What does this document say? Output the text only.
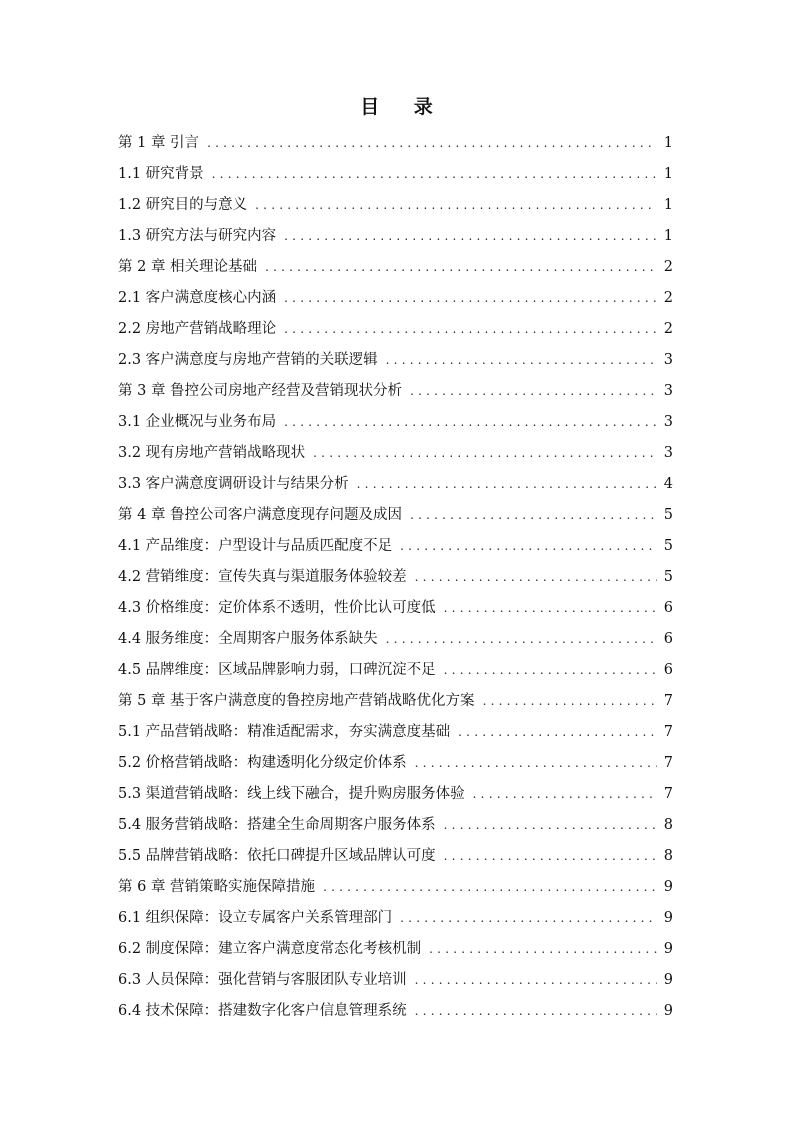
目 录
第 1 章 引言 .....	1
1.1 研究背景 .....	1
1.2 研究目的与意义 .....	1
1.3 研究方法与研究内容 .....	1
第 2 章 相关理论基础 .....	2
2.1 客户满意度核心内涵 .....	2
2.2 房地产营销战略理论 .....	2
2.3 客户满意度与房地产营销的关联逻辑 .....	3
第 3 章 鲁控公司房地产经营及营销现状分析 .....	3
3.1 企业概况与业务布局 .....	3
3.2 现有房地产营销战略现状 .....	3
3.3 客户满意度调研设计与结果分析 .....	4
第 4 章 鲁控公司客户满意度现存问题及成因 .....	5
4.1 产品维度：户型设计与品质匹配度不足 .....	5
4.2 营销维度：宣传失真与渠道服务体验较差 .....	5
4.3 价格维度：定价体系不透明，性价比认可度低 .....	6
4.4 服务维度：全周期客户服务体系缺失 .....	6
4.5 品牌维度：区域品牌影响力弱，口碑沉淀不足 .....	6
第 5 章 基于客户满意度的鲁控房地产营销战略优化方案 .....	7
5.1 产品营销战略：精准适配需求，夯实满意度基础 .....	7
5.2 价格营销战略：构建透明化分级定价体系 .....	7
5.3 渠道营销战略：线上线下融合，提升购房服务体验 .....	7
5.4 服务营销战略：搭建全生命周期客户服务体系 .....	8
5.5 品牌营销战略：依托口碑提升区域品牌认可度 .....	8
第 6 章 营销策略实施保障措施 .....	9
6.1 组织保障：设立专属客户关系管理部门 .....	9
6.2 制度保障：建立客户满意度常态化考核机制 .....	9
6.3 人员保障：强化营销与客服团队专业培训 .....	9
6.4 技术保障：搭建数字化客户信息管理系统 .....	9
